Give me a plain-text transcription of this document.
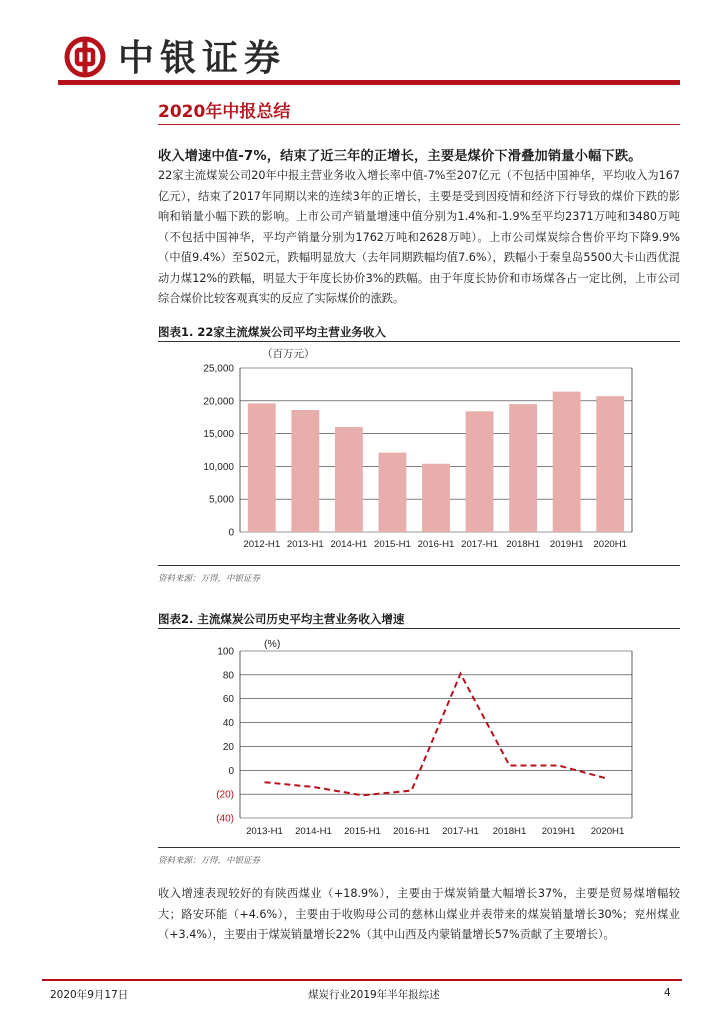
中银证券
2020年中报总结
收入增速中值-7%，结束了近三年的正增长，主要是煤价下滑叠加销量小幅下跌。
22家主流煤炭公司20年中报主营业务收入增长率中值-7%至207亿元（不包括中国神华，平均收入为167亿元），结束了2017年同期以来的连续3年的正增长，主要是受到因疫情和经济下行导致的煤价下跌的影响和销量小幅下跌的影响。上市公司产销量增速中值分别为1.4%和-1.9%至平均2371万吨和3480万吨（不包括中国神华，平均产销量分别为1762万吨和2628万吨）。上市公司煤炭综合售价平均下降9.9%（中值9.4%）至502元，跌幅明显放大（去年同期跌幅均值7.6%），跌幅小于秦皇岛5500大卡山西优混动力煤12%的跌幅，明显大于年度长协价3%的跌幅。由于年度长协价和市场煤各占一定比例，上市公司综合煤价比较客观真实的反应了实际煤价的涨跌。
图表1. 22家主流煤炭公司平均主营业务收入
（百万元）
0
5,000
10,000
15,000
20,000
25,000
2012-H1 2013-H1 2014-H1 2015-H1 2016-H1 2017-H1 2018H1 2019H1 2020H1
资料来源：万得，中银证券
图表2. 主流煤炭公司历史平均主营业务收入增速
(%)
(40)
(20)
0
20
40
60
80
100
2013-H1 2014-H1 2015-H1 2016-H1 2017-H1 2018H1 2019H1 2020H1
资料来源：万得，中银证券
收入增速表现较好的有陕西煤业（+18.9%），主要由于煤炭销量大幅增长37%，主要是贸易煤增幅较大；路安环能（+4.6%），主要由于收购母公司的慈林山煤业并表带来的煤炭销量增长30%；兖州煤业（+3.4%），主要由于煤炭销量增长22%（其中山西及内蒙销量增长57%贡献了主要增长）。
2020年9月17日	煤炭行业2019年半年报综述	4
